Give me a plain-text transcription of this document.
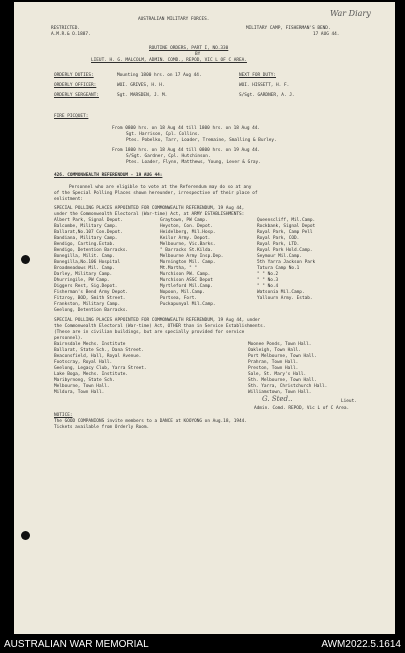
War Diary
AUSTRALIAN MILITARY FORCES.
RESTRICTED.
A.M.R.& O.1887.
MILITARY CAMP, FISHERMAN'S BEND.
17 AUG 44.
ROUTINE ORDERS, PART I, NO.330
BY
LIEUT. H. G. MALCOLM, ADMIN. COMD., REPOD, VIC L OF C AREA.
ORDERLY DUTIES:	Mounting 1800 hrs. on 17 Aug 44.	NEXT FOR DUTY:
ORDERLY OFFICER:	WOI. GRIVES, H. H.	WOI. HISSETT, H. F.
ORDERLY SERGEANT:	Sgt. MARSDEN, J. M.	S/Sgt. GARDNER, A. J.
FIRE PICQUET:
From 0800 hrs. on 18 Aug 44 till 1800 hrs. on 18 Aug 44.
Sgt. Harrison, Cpl. Collins.
Ptes. Pobelko, Tarr, Loader, Tremaine, Smalling & Burley.
From 1800 hrs. on 18 Aug 44 till 0800 hrs. on 19 Aug 44.
S/Sgt. Gardner, Cpl. Hutchinson.
Ptes. Loader, Flynn, Matthews, Young, Lever & Gray.
426. COMMONWEALTH REFERENDUM - 19 AUG 44:
Personnel who are eligible to vote at the Referendum may do so at any
of the Special Polling Places shown hereunder, irrespective of their place of
enlistment:
SPECIAL POLLING PLACES APPOINTED FOR COMMONWEALTH REFERENDUM, 19 Aug 44,
under the Commonwealth Electoral (War-time) Act, at ARMY ESTABLISHMENTS:
Albert Park, Signal Depot.
Balcombe, Military Camp.
Ballarat,No.107 Con.Depot.
Bandiana, Military Camp.
Bendigo, Carting.Estab.
Bendigo, Detention Barracks.
Bonegilla, Milit. Camp.
Bonegilla,No.106 Hospital
Broadmeadows Mil. Camp.
Darley, Military Camp.
Dhurringile, PW Camp.
Diggers Rest, Sig.Depot.
Fisherman's Bend Army Depot.
Fitzroy, BOD, Smith Street.
Frankston, Military Camp.
Geelong, Detention Barracks.
Graytown, PW Camp.
Heyston, Con. Depot.
Heidelberg, Mil.Hosp.
Keilor Army. Depot.
Melbourne, Vic.Barks.
" Barracks St.Kilda.
Melbourne Army Insp.Dep.
Mornington Mil. Camp.
Mt.Martha, " "
Murchison PW. Camp.
Murchison ASSC Depot
Myrtleford Mil.Camp.
Nopoon, Mil.Camp.
Portsea, Fort.
Puckapunyal Mil.Camp.
Queenscliff, Mil.Camp.
Rockbank, Signal Depot
Royal Park, Camp Pell
Royal Park, COD.
Royal Park, LTD.
Royal Park Hold.Camp.
Seymour Mil.Camp.
5th Yarra Jackson Park
Tatura Camp No.1
" " No.2
" " No.3
" " No.4
Watsonia Mil.Camp.
Yallourn Army. Estab.
SPECIAL POLLING PLACES APPOINTED FOR COMMONWEALTH REFERENDUM, 19 Aug 44, under
the Commonwealth Electoral (War-time) Act, OTHER than in Service Establishments.
(These are in civilian buildings, but are specially provided for service
personnel).
Bairnsdale Mechs. Institute
Ballarat, State Sch., Dana Street.
Beaconsfield, Hall, Royal Avenue.
Footscray, Royal Hall.
Geelong, Legacy Club, Yarra Street.
Lake Boga, Mechs. Institute.
Maribyrnong, State Sch.
Melbourne, Town Hall.
Mildura, Town Hall.
Moonee Ponds, Town Hall.
Oakleigh, Town Hall.
Port Melbourne, Town Hall.
Prahran, Town Hall.
Preston, Town Hall.
Sale, St. Mary's Hall.
Sth. Melbourne, Town Hall.
Sth. Yarra, Christchurch Hall.
Williamstown, Town Hall.
G. Sted..	Lieut.
Admin. Comd. REPOD, Vic L of C Area.
NOTICE:
The GOOD COMPANIONS invite members to a DANCE at KOOYONG on Aug.18, 1944.
Tickets available from Orderly Room.
AUSTRALIAN WAR MEMORIAL	AWM2022.5.1614
